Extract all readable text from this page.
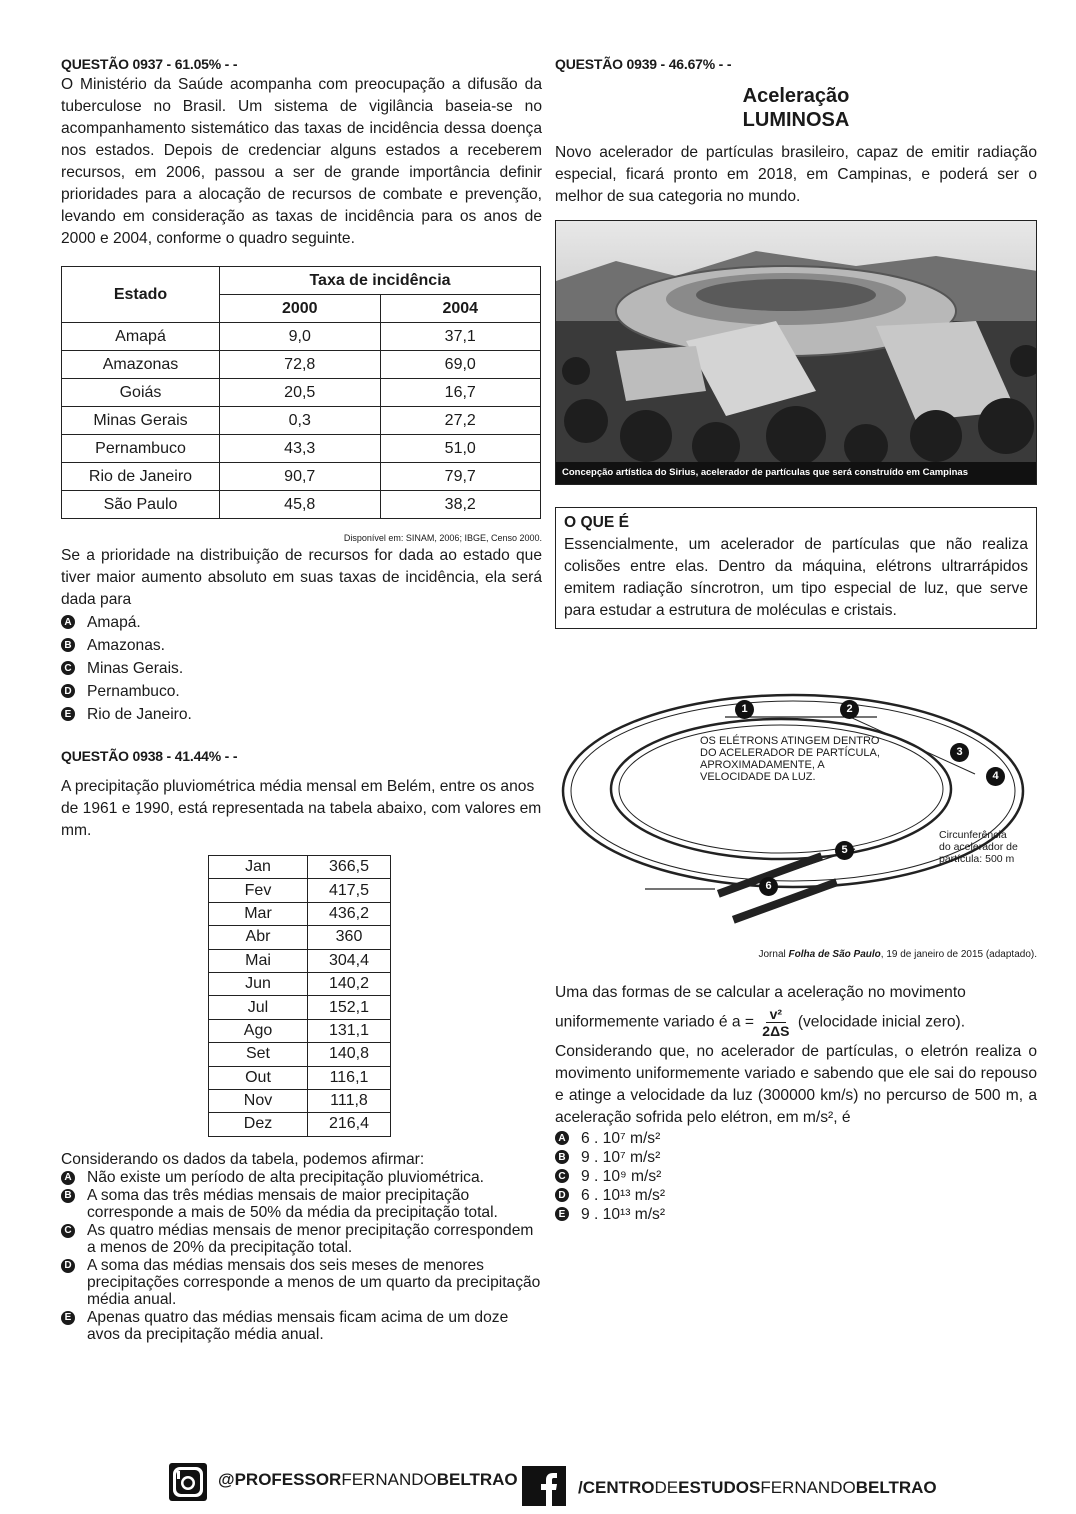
QUESTÃO 0937 - 61.05% - -

O Ministério da Saúde acompanha com preocupação a difusão da tuberculose no Brasil. Um sistema de vigilância baseia-se no acompanhamento sistemático das taxas de incidência dessa doença nos estados. Depois de credenciar alguns estados a receberem recursos, em 2006, passou a ser de grande importância definir prioridades para a alocação de recursos de combate e prevenção, levando em consideração as taxas de incidência para os anos de 2000 e 2004, conforme o quadro seguinte.

Estado	Taxa de incidência	
	2000	2004
Amapá	9,0	37,1
Amazonas	72,8	69,0
Goiás	20,5	16,7
Minas Gerais	0,3	27,2
Pernambuco	43,3	51,0
Rio de Janeiro	90,7	79,7
São Paulo	45,8	38,2
Disponível em: SINAM, 2006; IBGE, Censo 2000.

Se a prioridade na distribuição de recursos for dada ao estado que tiver maior aumento absoluto em suas taxas de incidência, ela será dada para

A Amapá.
B Amazonas.
C Minas Gerais.
D Pernambuco.
E Rio de Janeiro.
QUESTÃO 0938 - 41.44% - -

A precipitação pluviométrica média mensal em Belém, entre os anos de 1961 e 1990, está representada na tabela abaixo, com valores em mm.

Jan	366,5
Fev	417,5
Mar	436,2
Abr	360
Mai	304,4
Jun	140,2
Jul	152,1
Ago	131,1
Set	140,8
Out	116,1
Nov	111,8
Dez	216,4

Considerando os dados da tabela, podemos afirmar:

A Não existe um período de alta precipitação pluviométrica.
B A soma das três médias mensais de maior precipitação corresponde a mais de 50% da média da precipitação total.
C As quatro médias mensais de menor precipitação correspondem a menos de 20% da precipitação total.
D A soma das médias mensais dos seis meses de menores precipitações corresponde a menos de um quarto da precipitação média anual.
E Apenas quatro das médias mensais ficam acima de um doze avos da precipitação média anual.
QUESTÃO 0939 - 46.67% - -
Aceleração
LUMINOSA

Novo acelerador de partículas brasileiro, capaz de emitir radiação especial, ficará pronto em 2018, em Campinas, e poderá ser o melhor de sua categoria no mundo.

Concepção artística do Sirius, acelerador de partículas que será construído em Campinas
O QUE É
Essencialmente, um acelerador de partículas que não realiza colisões entre elas. Dentro da máquina, elétrons ultrarrápidos emitem radiação síncrotron, um tipo especial de luz, que serve para estudar a estrutura de moléculas e cristais.
1	2
3
4
5
6
OS ELÉTRONS ATINGEM DENTRO
DO ACELERADOR DE PARTÍCULA,
APROXIMADAMENTE, A
VELOCIDADE DA LUZ.
Circunferência
do acelerador de
partícula: 500 m
Jornal Folha de São Paulo, 19 de janeiro de 2015 (adaptado).

Uma das formas de se calcular a aceleração no movimento

uniformemente variado é $a = \frac{\text{v²}}{2\Delta S}$ (velocidade inicial zero).

Considerando que, no acelerador de partículas, o eletrón realiza o movimento uniformemente variado e sabendo que ele sai do repouso e atinge a velocidade da luz (300000 km/s) no percurso de 500 m, a aceleração sofrida pelo elétron, em m/s², é

A 6 . 10⁷ m/s²
B 9 . 10⁷ m/s²
C 9 . 10⁹ m/s²
D 6 . 10¹³ m/s²
E 9 . 10¹³ m/s²
@PROFESSORFERNANDOBELTRAO	/CENTRODEESTUDOSFERNANDOBELTRAO
